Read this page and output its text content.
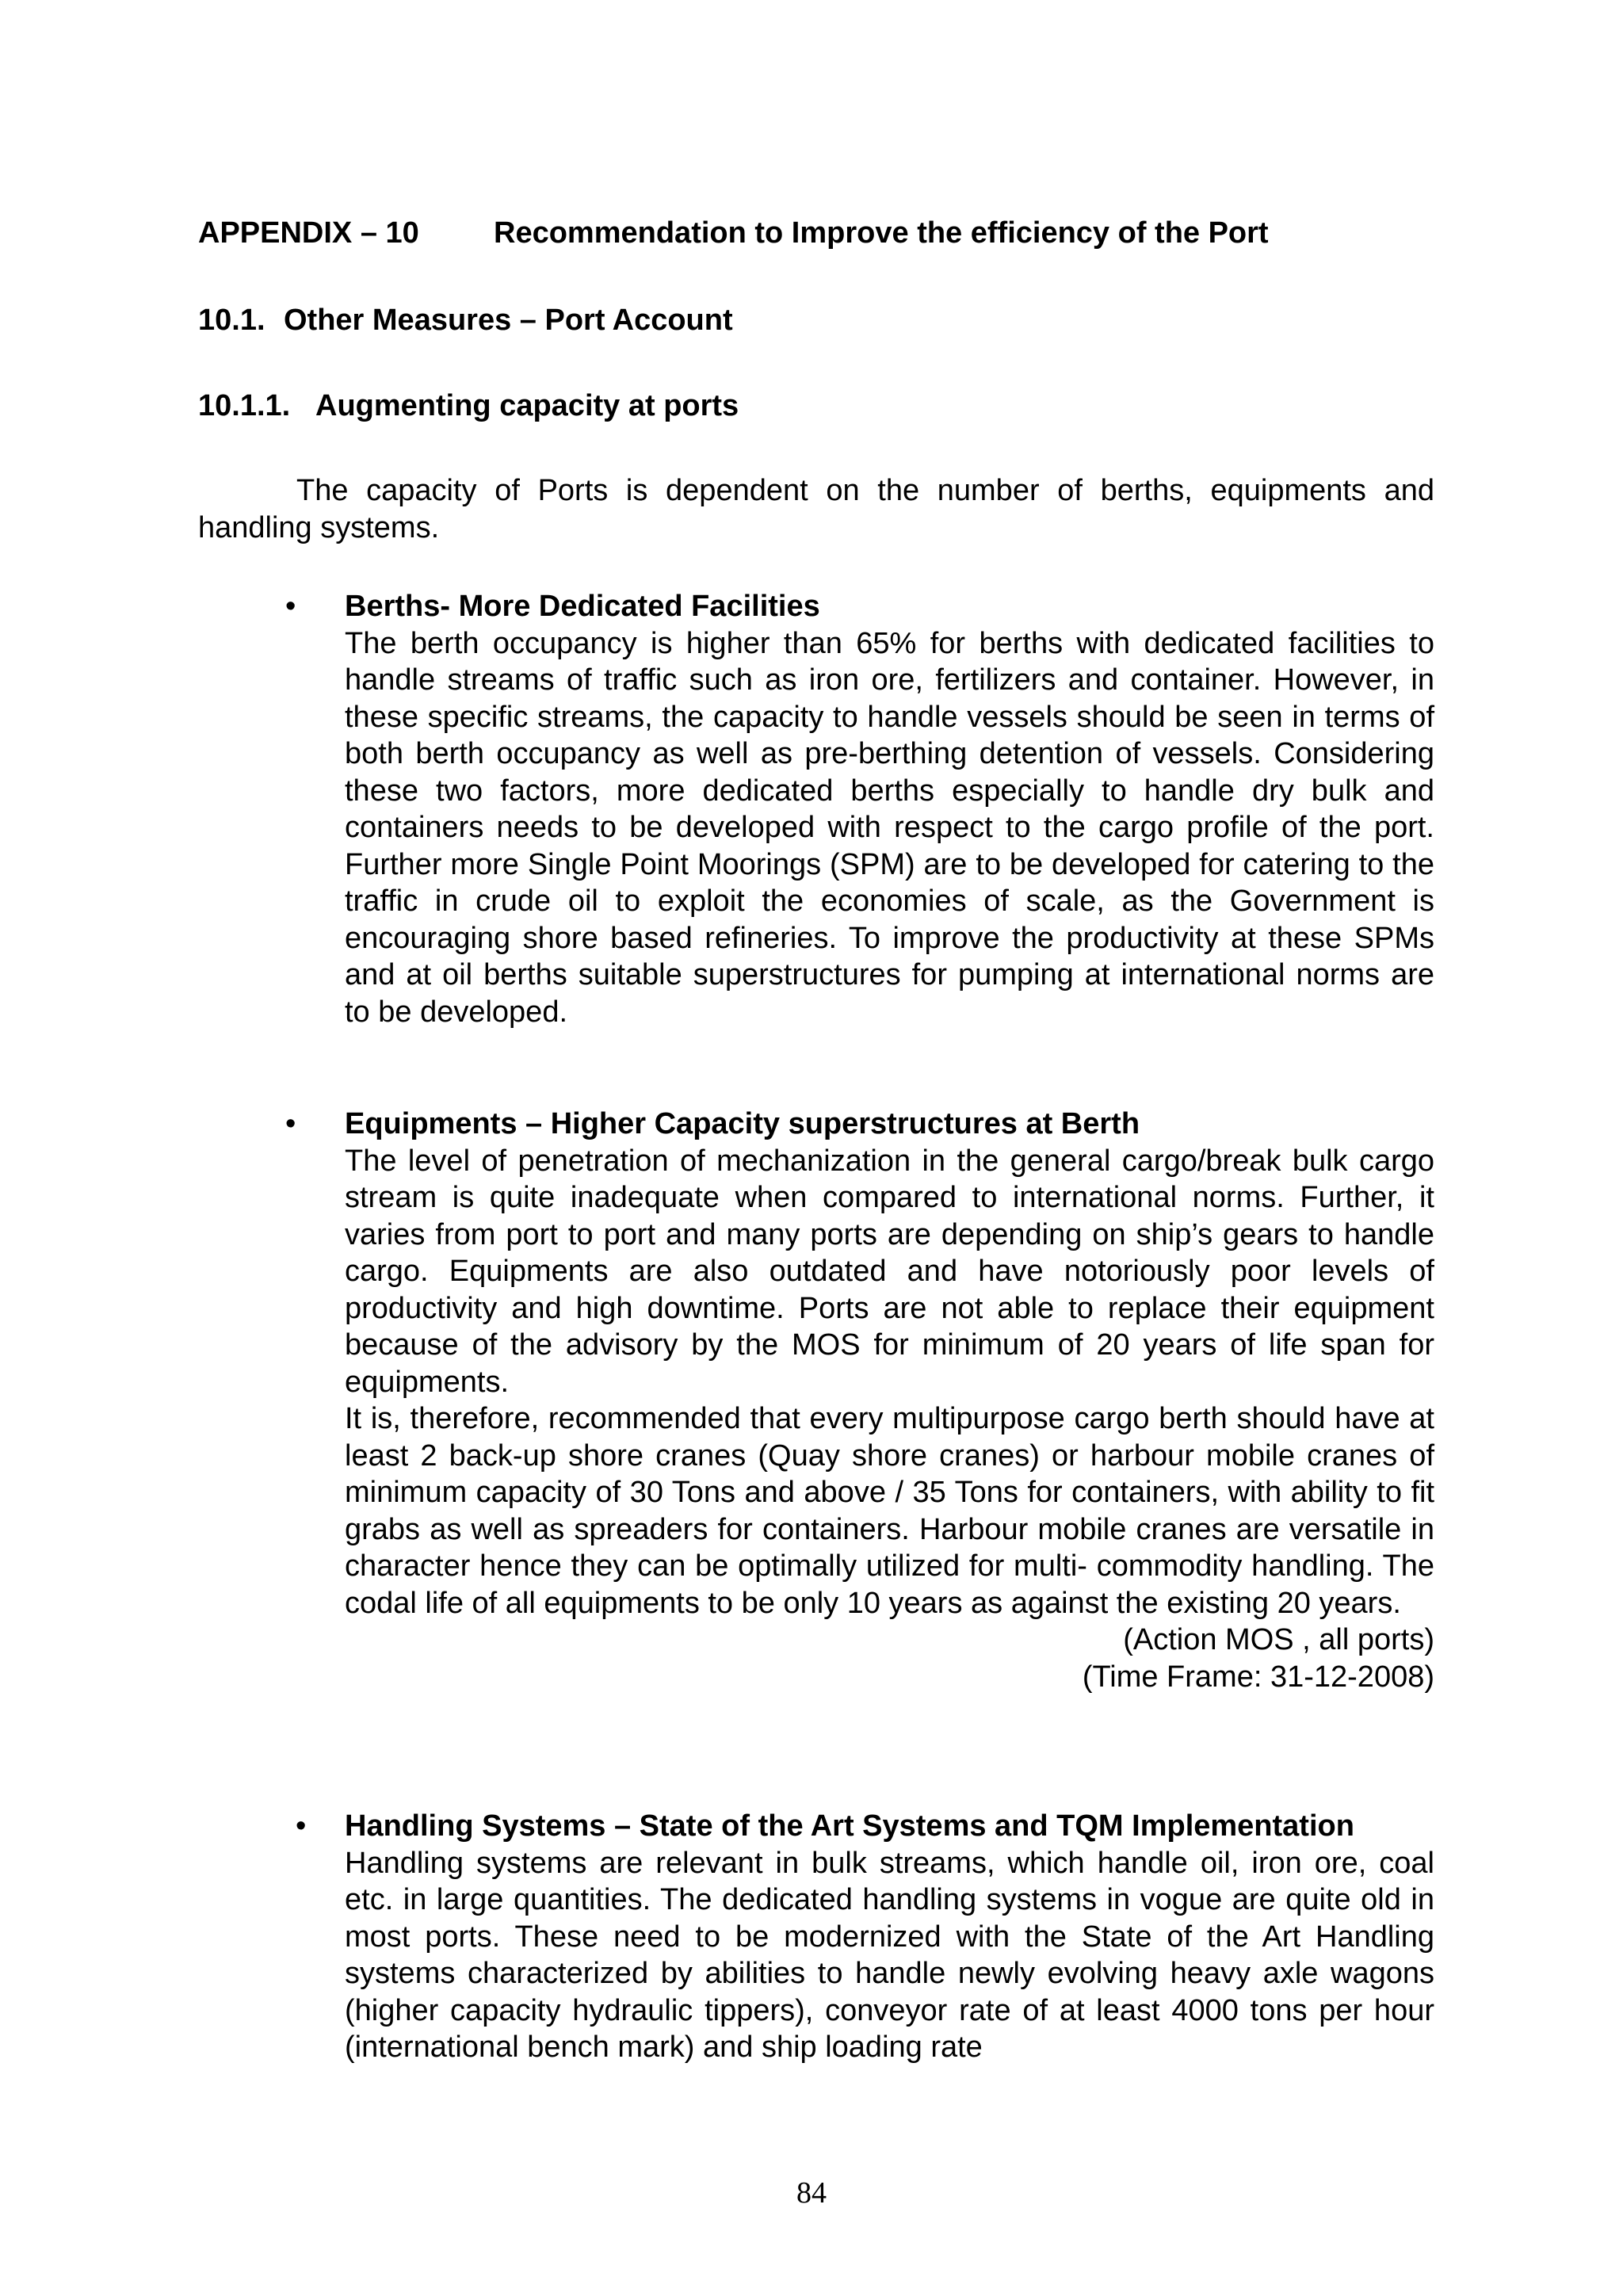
APPENDIX – 10 Recommendation to Improve the efficiency of the Port
10.1. Other Measures – Port Account
10.1.1. Augmenting capacity at ports
The capacity of Ports is dependent on the number of berths, equipments and handling systems.
• Berths- More Dedicated Facilities
The berth occupancy is higher than 65% for berths with dedicated facilities to handle streams of traffic such as iron ore, fertilizers and container. However, in these specific streams, the capacity to handle vessels should be seen in terms of both berth occupancy as well as pre-berthing detention of vessels. Considering these two factors, more dedicated berths especially to handle dry bulk and containers needs to be developed with respect to the cargo profile of the port. Further more Single Point Moorings (SPM) are to be developed for catering to the traffic in crude oil to exploit the economies of scale, as the Government is encouraging shore based refineries. To improve the productivity at these SPMs and at oil berths suitable superstructures for pumping at international norms are to be developed.
• Equipments – Higher Capacity superstructures at Berth
The level of penetration of mechanization in the general cargo/break bulk cargo stream is quite inadequate when compared to international norms. Further, it varies from port to port and many ports are depending on ship’s gears to handle cargo. Equipments are also outdated and have notoriously poor levels of productivity and high downtime. Ports are not able to replace their equipment because of the advisory by the MOS for minimum of 20 years of life span for equipments.
It is, therefore, recommended that every multipurpose cargo berth should have at least 2 back-up shore cranes (Quay shore cranes) or harbour mobile cranes of minimum capacity of 30 Tons and above / 35 Tons for containers, with ability to fit grabs as well as spreaders for containers. Harbour mobile cranes are versatile in character hence they can be optimally utilized for multi- commodity handling. The codal life of all equipments to be only 10 years as against the existing 20 years.
(Action MOS , all ports)
(Time Frame: 31-12-2008)
• Handling Systems – State of the Art Systems and TQM Implementation
Handling systems are relevant in bulk streams, which handle oil, iron ore, coal etc. in large quantities. The dedicated handling systems in vogue are quite old in most ports. These need to be modernized with the State of the Art Handling systems characterized by abilities to handle newly evolving heavy axle wagons (higher capacity hydraulic tippers), conveyor rate of at least 4000 tons per hour (international bench mark) and ship loading rate
84
